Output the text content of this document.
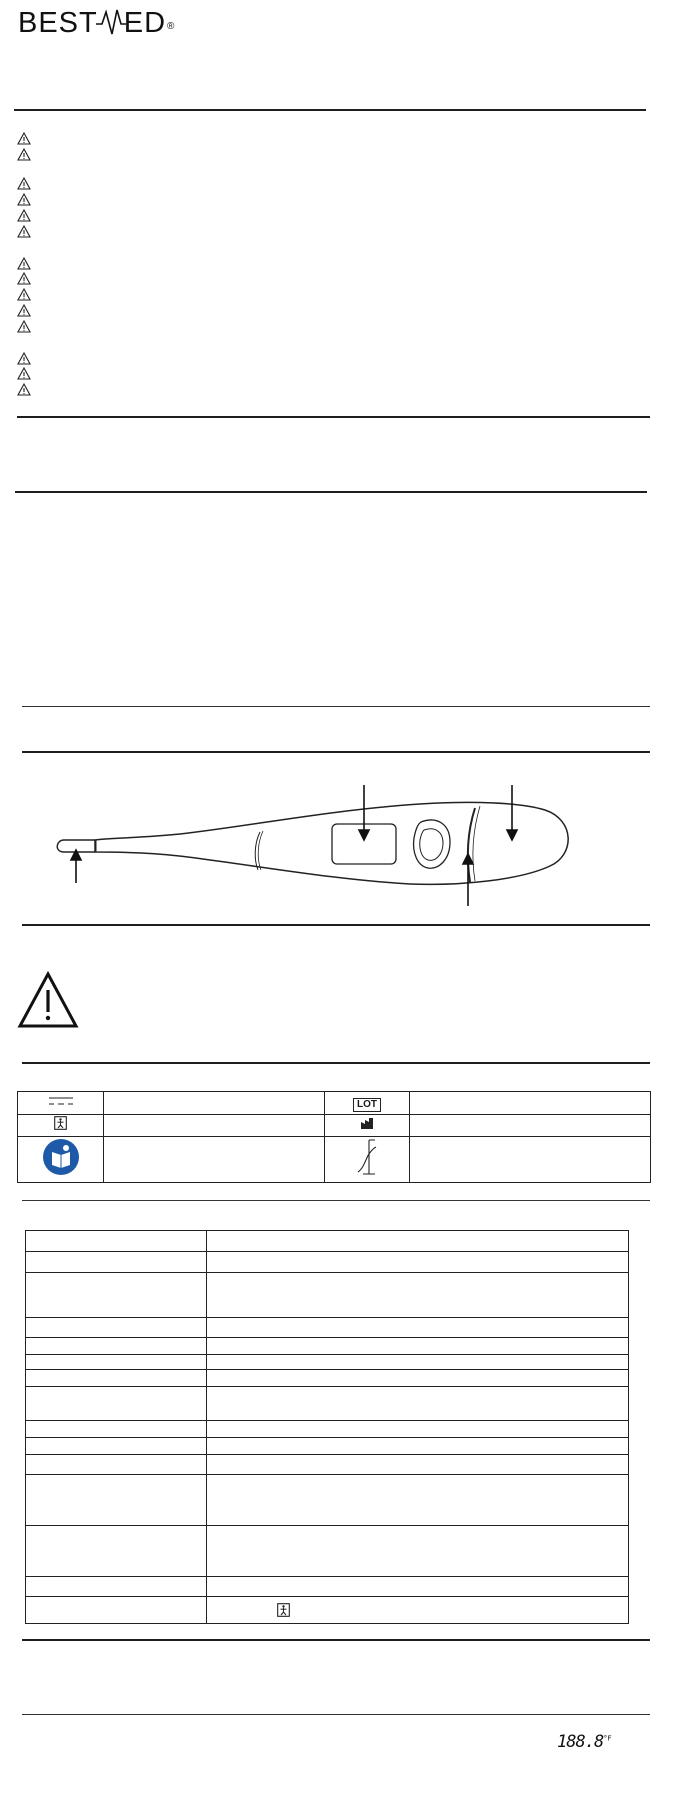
BEST ED®
		LOT	

$188.8^{^\circ F}$
